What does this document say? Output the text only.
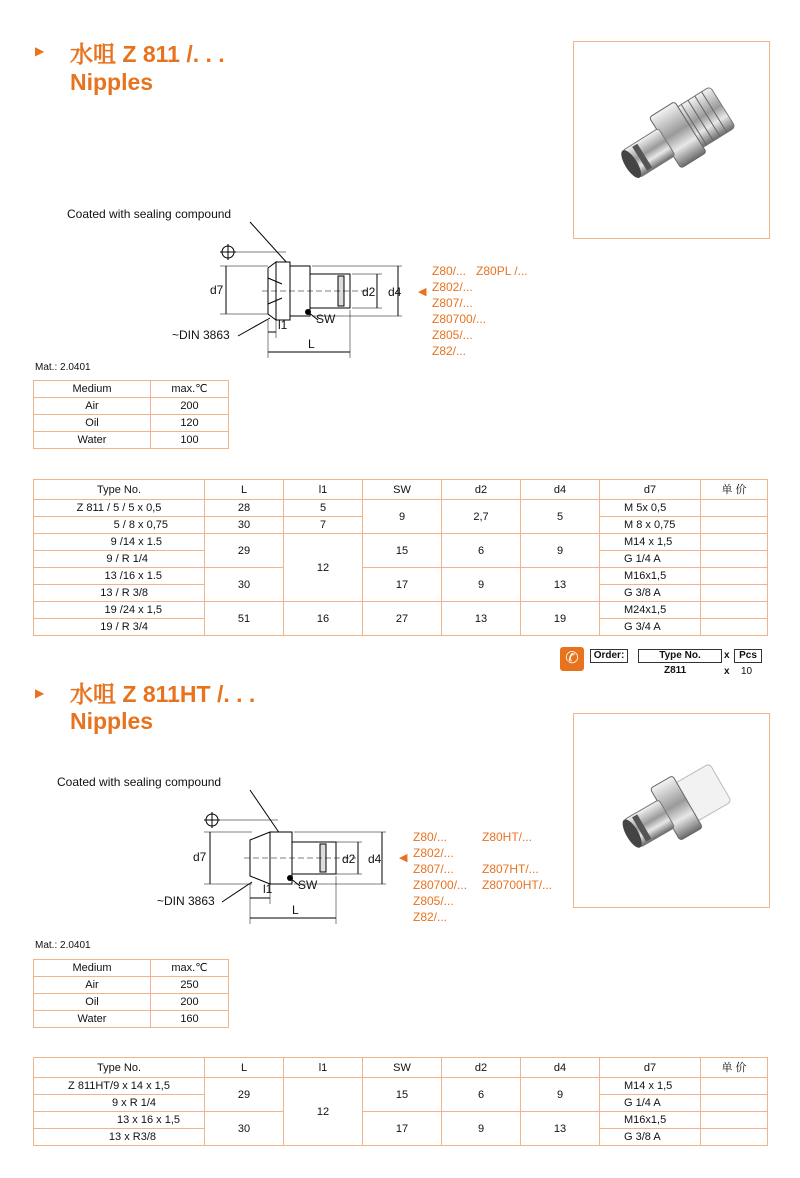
▶ 水咀 Z 811 /. . .
Nipples
Coated with sealing compound
d7	d2 d4
l1 SW
L
~DIN 3863
◀
Z80/... Z80PL /...
Z802/...
Z807/...
Z80700/...
Z805/...
Z82/...
Mat.: 2.0401
Medium	max.℃
Air	200
Oil	120
Water	100
Type No.	L	l1	SW	d2	d4	d7	单 价
Z 811 / 5 / 5 x 0,5	28	5	9	2,7	5	M 5x 0,5	
5 / 8 x 0,75	30	7				M 8 x 0,75	
9 /14 x 1.5	29	12	15	6	9	M14 x 1,5	
9 / R 1/4						G 1/4 A	
13 /16 x 1.5	30		17	9	13	M16x1,5	
13 / R 3/8						G 3/8 A	
19 /24 x 1,5	51	16	27	13	19	M24x1,5	
19 / R 3/4						G 3/4 A	
✆	Order:	Type No.	x Pcs
Z811	x 10
▶ 水咀 Z 811HT /. . .
Nipples
Coated with sealing compound
d7	d2 d4
l1 SW
L
~DIN 3863
◀
Z80/...
Z802/...
Z807/...
Z80700/...
Z805/...
Z82/...
Z80HT/...

Z807HT/...
Z80700HT/...
Mat.: 2.0401
Medium	max.℃
Air	250
Oil	200
Water	160
Type No.	L	l1	SW	d2	d4	d7	单 价
Z 811HT/9 x 14 x 1,5	29	12	15	6	9	M14 x 1,5	
9 x R 1/4						G 1/4 A	
13 x 16 x 1,5	30		17	9	13	M16x1,5	
13 x R3/8						G 3/8 A	
